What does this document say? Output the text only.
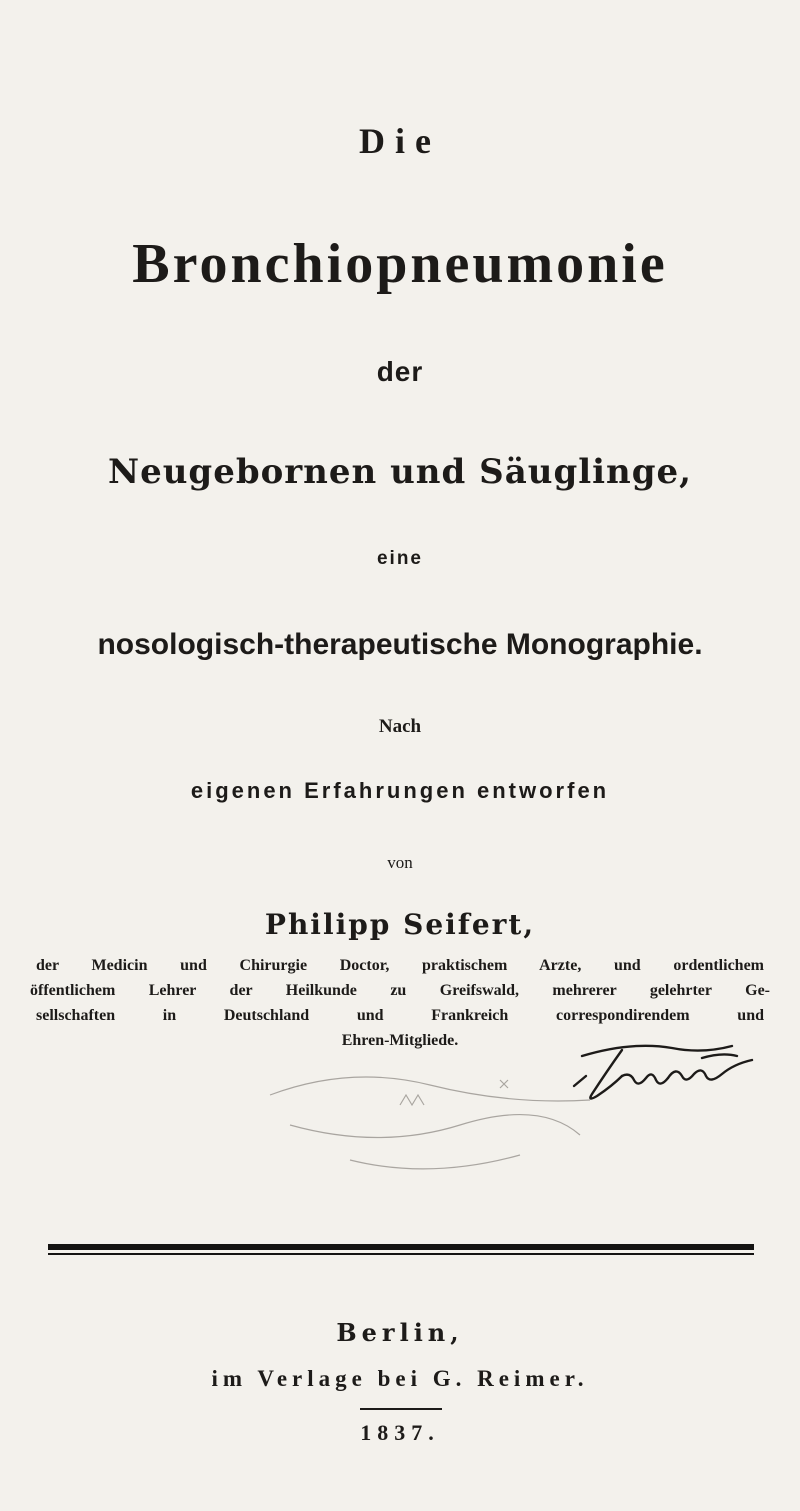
Die
Bronchiopneumonie
der
Neugebornen und Säuglinge,
eine
nosologisch-therapeutische Monographie.
Nach
eigenen Erfahrungen entworfen
von
Philipp Seifert,
der Medicin und Chirurgie Doctor, praktischem Arzte, und ordentlichem
öffentlichem Lehrer der Heilkunde zu Greifswald, mehrerer gelehrter Ge-
sellschaften in Deutschland und Frankreich correspondirendem und
Ehren-Mitgliede.
Berlin,
im Verlage bei G. Reimer.
1837.
